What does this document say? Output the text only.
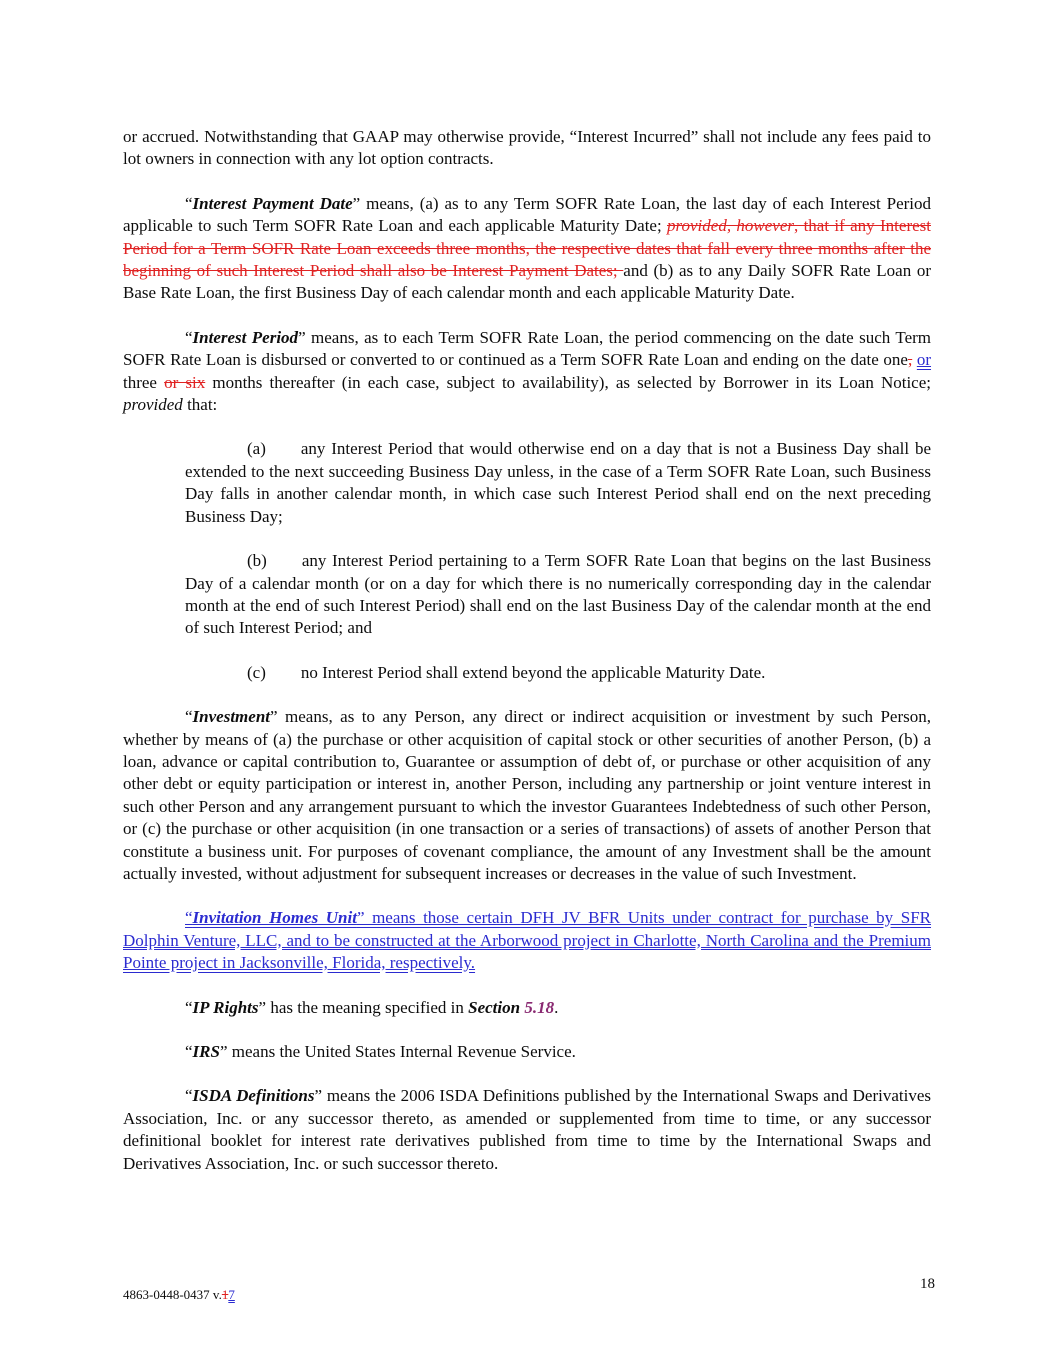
or accrued. Notwithstanding that GAAP may otherwise provide, “Interest Incurred” shall not include any fees paid to lot owners in connection with any lot option contracts.

“Interest Payment Date” means, (a) as to any Term SOFR Rate Loan, the last day of each Interest Period applicable to such Term SOFR Rate Loan and each applicable Maturity Date; provided, however, that if any Interest Period for a Term SOFR Rate Loan exceeds three months, the respective dates that fall every three months after the beginning of such Interest Period shall also be Interest Payment Dates; and (b) as to any Daily SOFR Rate Loan or Base Rate Loan, the first Business Day of each calendar month and each applicable Maturity Date.

“Interest Period” means, as to each Term SOFR Rate Loan, the period commencing on the date such Term SOFR Rate Loan is disbursed or converted to or continued as a Term SOFR Rate Loan and ending on the date one, or three or six months thereafter (in each case, subject to availability), as selected by Borrower in its Loan Notice; provided that:

(a) any Interest Period that would otherwise end on a day that is not a Business Day shall be extended to the next succeeding Business Day unless, in the case of a Term SOFR Rate Loan, such Business Day falls in another calendar month, in which case such Interest Period shall end on the next preceding Business Day;

(b) any Interest Period pertaining to a Term SOFR Rate Loan that begins on the last Business Day of a calendar month (or on a day for which there is no numerically corresponding day in the calendar month at the end of such Interest Period) shall end on the last Business Day of the calendar month at the end of such Interest Period; and

(c) no Interest Period shall extend beyond the applicable Maturity Date.

“Investment” means, as to any Person, any direct or indirect acquisition or investment by such Person, whether by means of (a) the purchase or other acquisition of capital stock or other securities of another Person, (b) a loan, advance or capital contribution to, Guarantee or assumption of debt of, or purchase or other acquisition of any other debt or equity participation or interest in, another Person, including any partnership or joint venture interest in such other Person and any arrangement pursuant to which the investor Guarantees Indebtedness of such other Person, or (c) the purchase or other acquisition (in one transaction or a series of transactions) of assets of another Person that constitute a business unit. For purposes of covenant compliance, the amount of any Investment shall be the amount actually invested, without adjustment for subsequent increases or decreases in the value of such Investment.

“Invitation Homes Unit” means those certain DFH JV BFR Units under contract for purchase by SFR Dolphin Venture, LLC, and to be constructed at the Arborwood project in Charlotte, North Carolina and the Premium Pointe project in Jacksonville, Florida, respectively.

“IP Rights” has the meaning specified in Section 5.18.

“IRS” means the United States Internal Revenue Service.

“ISDA Definitions” means the 2006 ISDA Definitions published by the International Swaps and Derivatives Association, Inc. or any successor thereto, as amended or supplemented from time to time, or any successor definitional booklet for interest rate derivatives published from time to time by the International Swaps and Derivatives Association, Inc. or such successor thereto.

4863-0448-0437 v.17
18
